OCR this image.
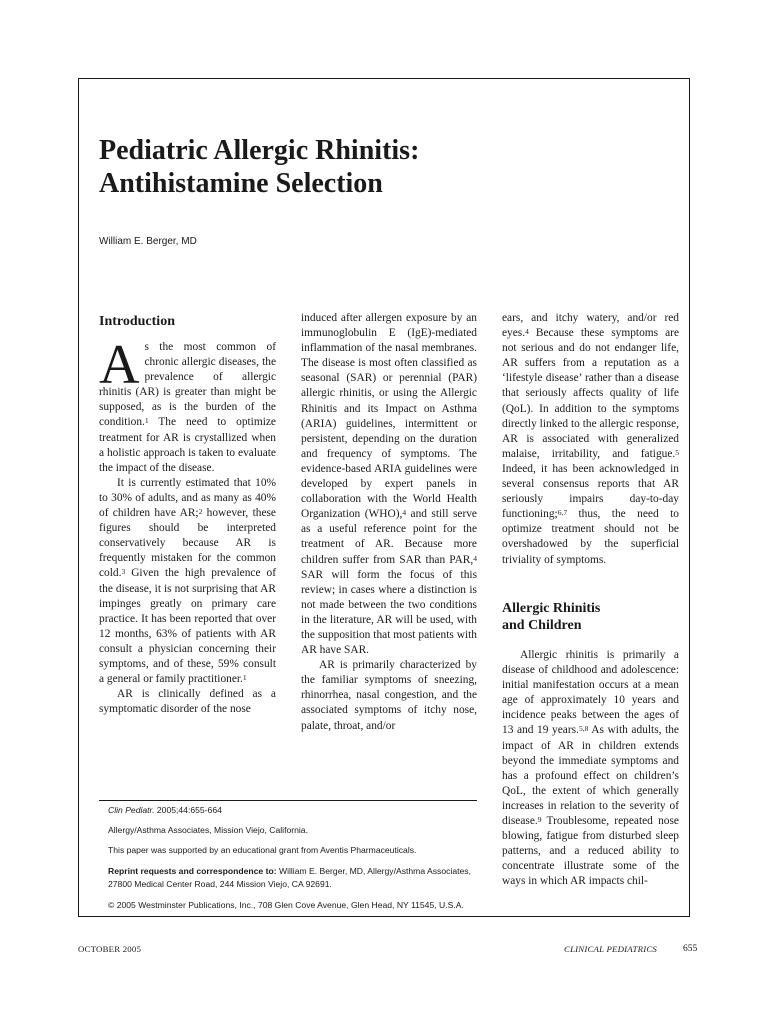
Pediatric Allergic Rhinitis:
Antihistamine Selection
William E. Berger, MD
Introduction

As the most common of chronic allergic diseases, the prevalence of allergic rhinitis (AR) is greater than might be supposed, as is the burden of the condition.$^1$ The need to optimize treatment for AR is crystallized when a holistic approach is taken to evaluate the impact of the disease.

It is currently estimated that 10% to 30% of adults, and as many as 40% of children have AR;$^2$ however, these figures should be interpreted conservatively because AR is frequently mistaken for the common cold.$^3$ Given the high prevalence of the disease, it is not surprising that AR impinges greatly on primary care practice. It has been reported that over 12 months, 63% of patients with AR consult a physician concerning their symptoms, and of these, 59% consult a general or family practitioner.$^1$

AR is clinically defined as a symptomatic disorder of the nose

induced after allergen exposure by an immunoglobulin E (IgE)-mediated inflammation of the nasal membranes. The disease is most often classified as seasonal (SAR) or perennial (PAR) allergic rhinitis, or using the Allergic Rhinitis and its Impact on Asthma (ARIA) guidelines, intermittent or persistent, depending on the duration and frequency of symptoms. The evidence-based ARIA guidelines were developed by expert panels in collaboration with the World Health Organization (WHO),$^4$ and still serve as a useful reference point for the treatment of AR. Because more children suffer from SAR than PAR,$^4$ SAR will form the focus of this review; in cases where a distinction is not made between the two conditions in the literature, AR will be used, with the supposition that most patients with AR have SAR.

AR is primarily characterized by the familiar symptoms of sneezing, rhinorrhea, nasal congestion, and the associated symptoms of itchy nose, palate, throat, and/or

ears, and itchy watery, and/or red eyes.$^4$ Because these symptoms are not serious and do not endanger life, AR suffers from a reputation as a ‘lifestyle disease’ rather than a disease that seriously affects quality of life (QoL). In addition to the symptoms directly linked to the allergic response, AR is associated with generalized malaise, irritability, and fatigue.$^5$ Indeed, it has been acknowledged in several consensus reports that AR seriously impairs day-to-day functioning;$^{6,7}$ thus, the need to optimize treatment should not be overshadowed by the superficial triviality of symptoms.

Allergic Rhinitis
and Children

Allergic rhinitis is primarily a disease of childhood and adolescence: initial manifestation occurs at a mean age of approximately 10 years and incidence peaks between the ages of 13 and 19 years.$^{5,8}$ As with adults, the impact of AR in children extends beyond the immediate symptoms and has a profound effect on children’s QoL, the extent of which generally increases in relation to the severity of disease.$^9$ Troublesome, repeated nose blowing, fatigue from disturbed sleep patterns, and a reduced ability to concentrate illustrate some of the ways in which AR impacts chil-

Clin Pediatr. 2005;44:655-664
Allergy/Asthma Associates, Mission Viejo, California.
This paper was supported by an educational grant from Aventis Pharmaceuticals.
Reprint requests and correspondence to: William E. Berger, MD, Allergy/Asthma Associates, 27800 Medical Center Road, 244 Mission Viejo, CA 92691.
© 2005 Westminster Publications, Inc., 708 Glen Cove Avenue, Glen Head, NY 11545, U.S.A.
OCTOBER 2005	CLINICAL PEDIATRICS	655
